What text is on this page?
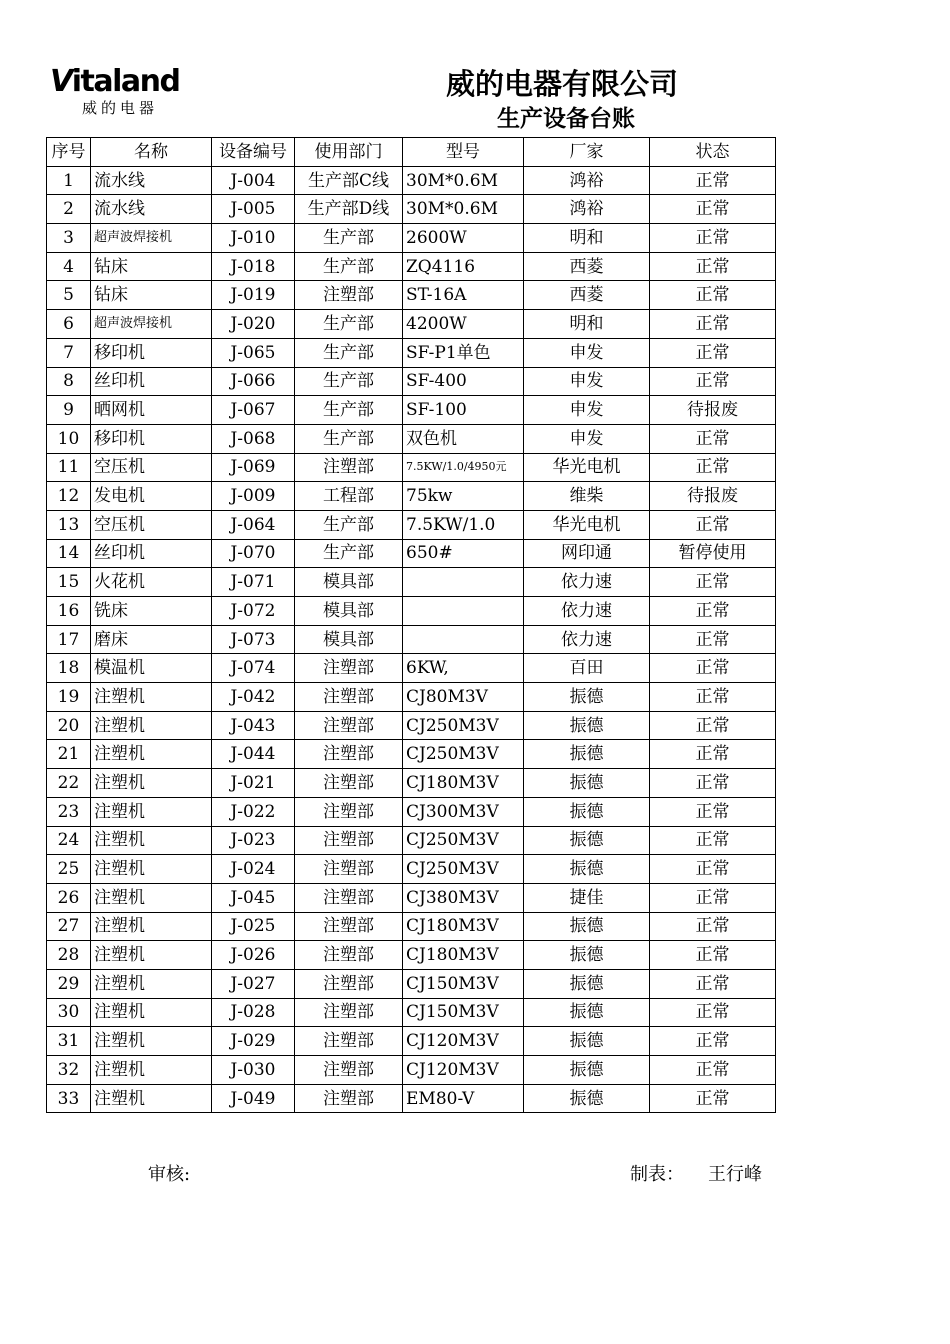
Vitaland
威的电器
威的电器有限公司
生产设备台账
序号	名称	设备编号	使用部门	型号	厂家	状态
1	流水线	J-004	生产部C线	30M*0.6M	鸿裕	正常
2	流水线	J-005	生产部D线	30M*0.6M	鸿裕	正常
3	超声波焊接机	J-010	生产部	2600W	明和	正常
4	钻床	J-018	生产部	ZQ4116	西菱	正常
5	钻床	J-019	注塑部	ST-16A	西菱	正常
6	超声波焊接机	J-020	生产部	4200W	明和	正常
7	移印机	J-065	生产部	SF-P1单色	申发	正常
8	丝印机	J-066	生产部	SF-400	申发	正常
9	晒网机	J-067	生产部	SF-100	申发	待报废
10	移印机	J-068	生产部	双色机	申发	正常
11	空压机	J-069	注塑部	7.5KW/1.0/4950元	华光电机	正常
12	发电机	J-009	工程部	75kw	维柴	待报废
13	空压机	J-064	生产部	7.5KW/1.0	华光电机	正常
14	丝印机	J-070	生产部	650#	网印通	暂停使用
15	火花机	J-071	模具部		依力速	正常
16	铣床	J-072	模具部		依力速	正常
17	磨床	J-073	模具部		依力速	正常
18	模温机	J-074	注塑部	6KW,	百田	正常
19	注塑机	J-042	注塑部	CJ80M3V	振德	正常
20	注塑机	J-043	注塑部	CJ250M3V	振德	正常
21	注塑机	J-044	注塑部	CJ250M3V	振德	正常
22	注塑机	J-021	注塑部	CJ180M3V	振德	正常
23	注塑机	J-022	注塑部	CJ300M3V	振德	正常
24	注塑机	J-023	注塑部	CJ250M3V	振德	正常
25	注塑机	J-024	注塑部	CJ250M3V	振德	正常
26	注塑机	J-045	注塑部	CJ380M3V	捷佳	正常
27	注塑机	J-025	注塑部	CJ180M3V	振德	正常
28	注塑机	J-026	注塑部	CJ180M3V	振德	正常
29	注塑机	J-027	注塑部	CJ150M3V	振德	正常
30	注塑机	J-028	注塑部	CJ150M3V	振德	正常
31	注塑机	J-029	注塑部	CJ120M3V	振德	正常
32	注塑机	J-030	注塑部	CJ120M3V	振德	正常
33	注塑机	J-049	注塑部	EM80-V	振德	正常
审核:	制表： 王行峰
